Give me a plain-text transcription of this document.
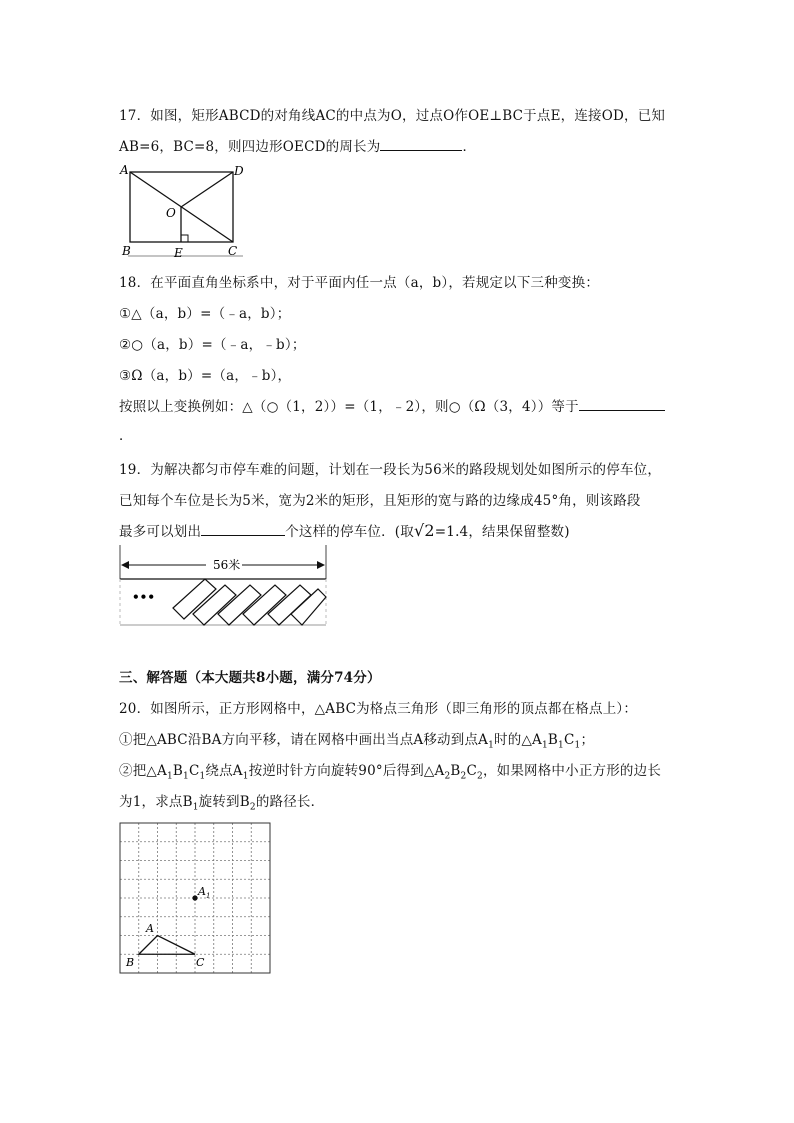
17．如图，矩形ABCD的对角线AC的中点为O，过点O作OE⊥BC于点E，连接OD，已知
AB=6，BC=8，则四边形OECD的周长为	．
A	D
O
B	E	C
18．在平面直角坐标系中，对于平面内任一点（a，b），若规定以下三种变换：
①△（a，b）=（﹣a，b）；
②○（a，b）=（﹣a，﹣b）；
③Ω（a，b）=（a，﹣b），
按照以上变换例如：△（○（1，2））=（1，﹣2），则○（Ω（3，4））等于
．
19．为解决都匀市停车难的问题，计划在一段长为56米的路段规划处如图所示的停车位，
已知每个车位是长为5米，宽为2米的矩形，且矩形的宽与路的边缘成45°角，则该路段
最多可以划出	个这样的停车位．(取√2=1.4，结果保留整数)
56米
•••
三、解答题（本大题共8小题，满分74分）
20．如图所示，正方形网格中，△ABC为格点三角形（即三角形的顶点都在格点上）：
①把△ABC沿BA方向平移，请在网格中画出当点A移动到点$A_1$时的$\triangle A_1B_1C_1$；
②把$\triangle A_1B_1C_1$绕点$A_1$按逆时针方向旋转90°后得到$\triangle A_2B_2C_2$，如果网格中小正方形的边长
为1，求点$B_1$旋转到$B_2$的路径长．
$A_1$
A
B	C
